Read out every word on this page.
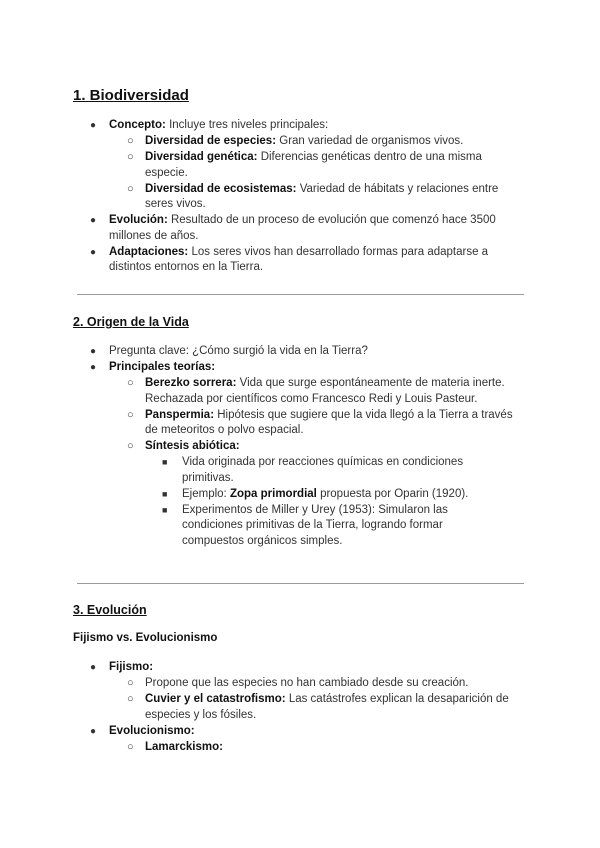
1. Biodiversidad
● Concepto: Incluye tres niveles principales:
○ Diversidad de especies: Gran variedad de organismos vivos.
○ Diversidad genética: Diferencias genéticas dentro de una misma especie.
○ Diversidad de ecosistemas: Variedad de hábitats y relaciones entre seres vivos.
● Evolución: Resultado de un proceso de evolución que comenzó hace 3500 millones de años.
● Adaptaciones: Los seres vivos han desarrollado formas para adaptarse a distintos entornos en la Tierra.
2. Origen de la Vida
● Pregunta clave: ¿Cómo surgió la vida en la Tierra?
● Principales teorías:
○ Berezko sorrera: Vida que surge espontáneamente de materia inerte. Rechazada por científicos como Francesco Redi y Louis Pasteur.
○ Panspermia: Hipótesis que sugiere que la vida llegó a la Tierra a través de meteoritos o polvo espacial.
○ Síntesis abiótica:
■ Vida originada por reacciones químicas en condiciones primitivas.
■ Ejemplo: Zopa primordial propuesta por Oparin (1920).
■ Experimentos de Miller y Urey (1953): Simularon las condiciones primitivas de la Tierra, logrando formar compuestos orgánicos simples.
3. Evolución
Fijismo vs. Evolucionismo
● Fijismo:
○ Propone que las especies no han cambiado desde su creación.
○ Cuvier y el catastrofismo: Las catástrofes explican la desaparición de especies y los fósiles.
● Evolucionismo:
○ Lamarckismo:
